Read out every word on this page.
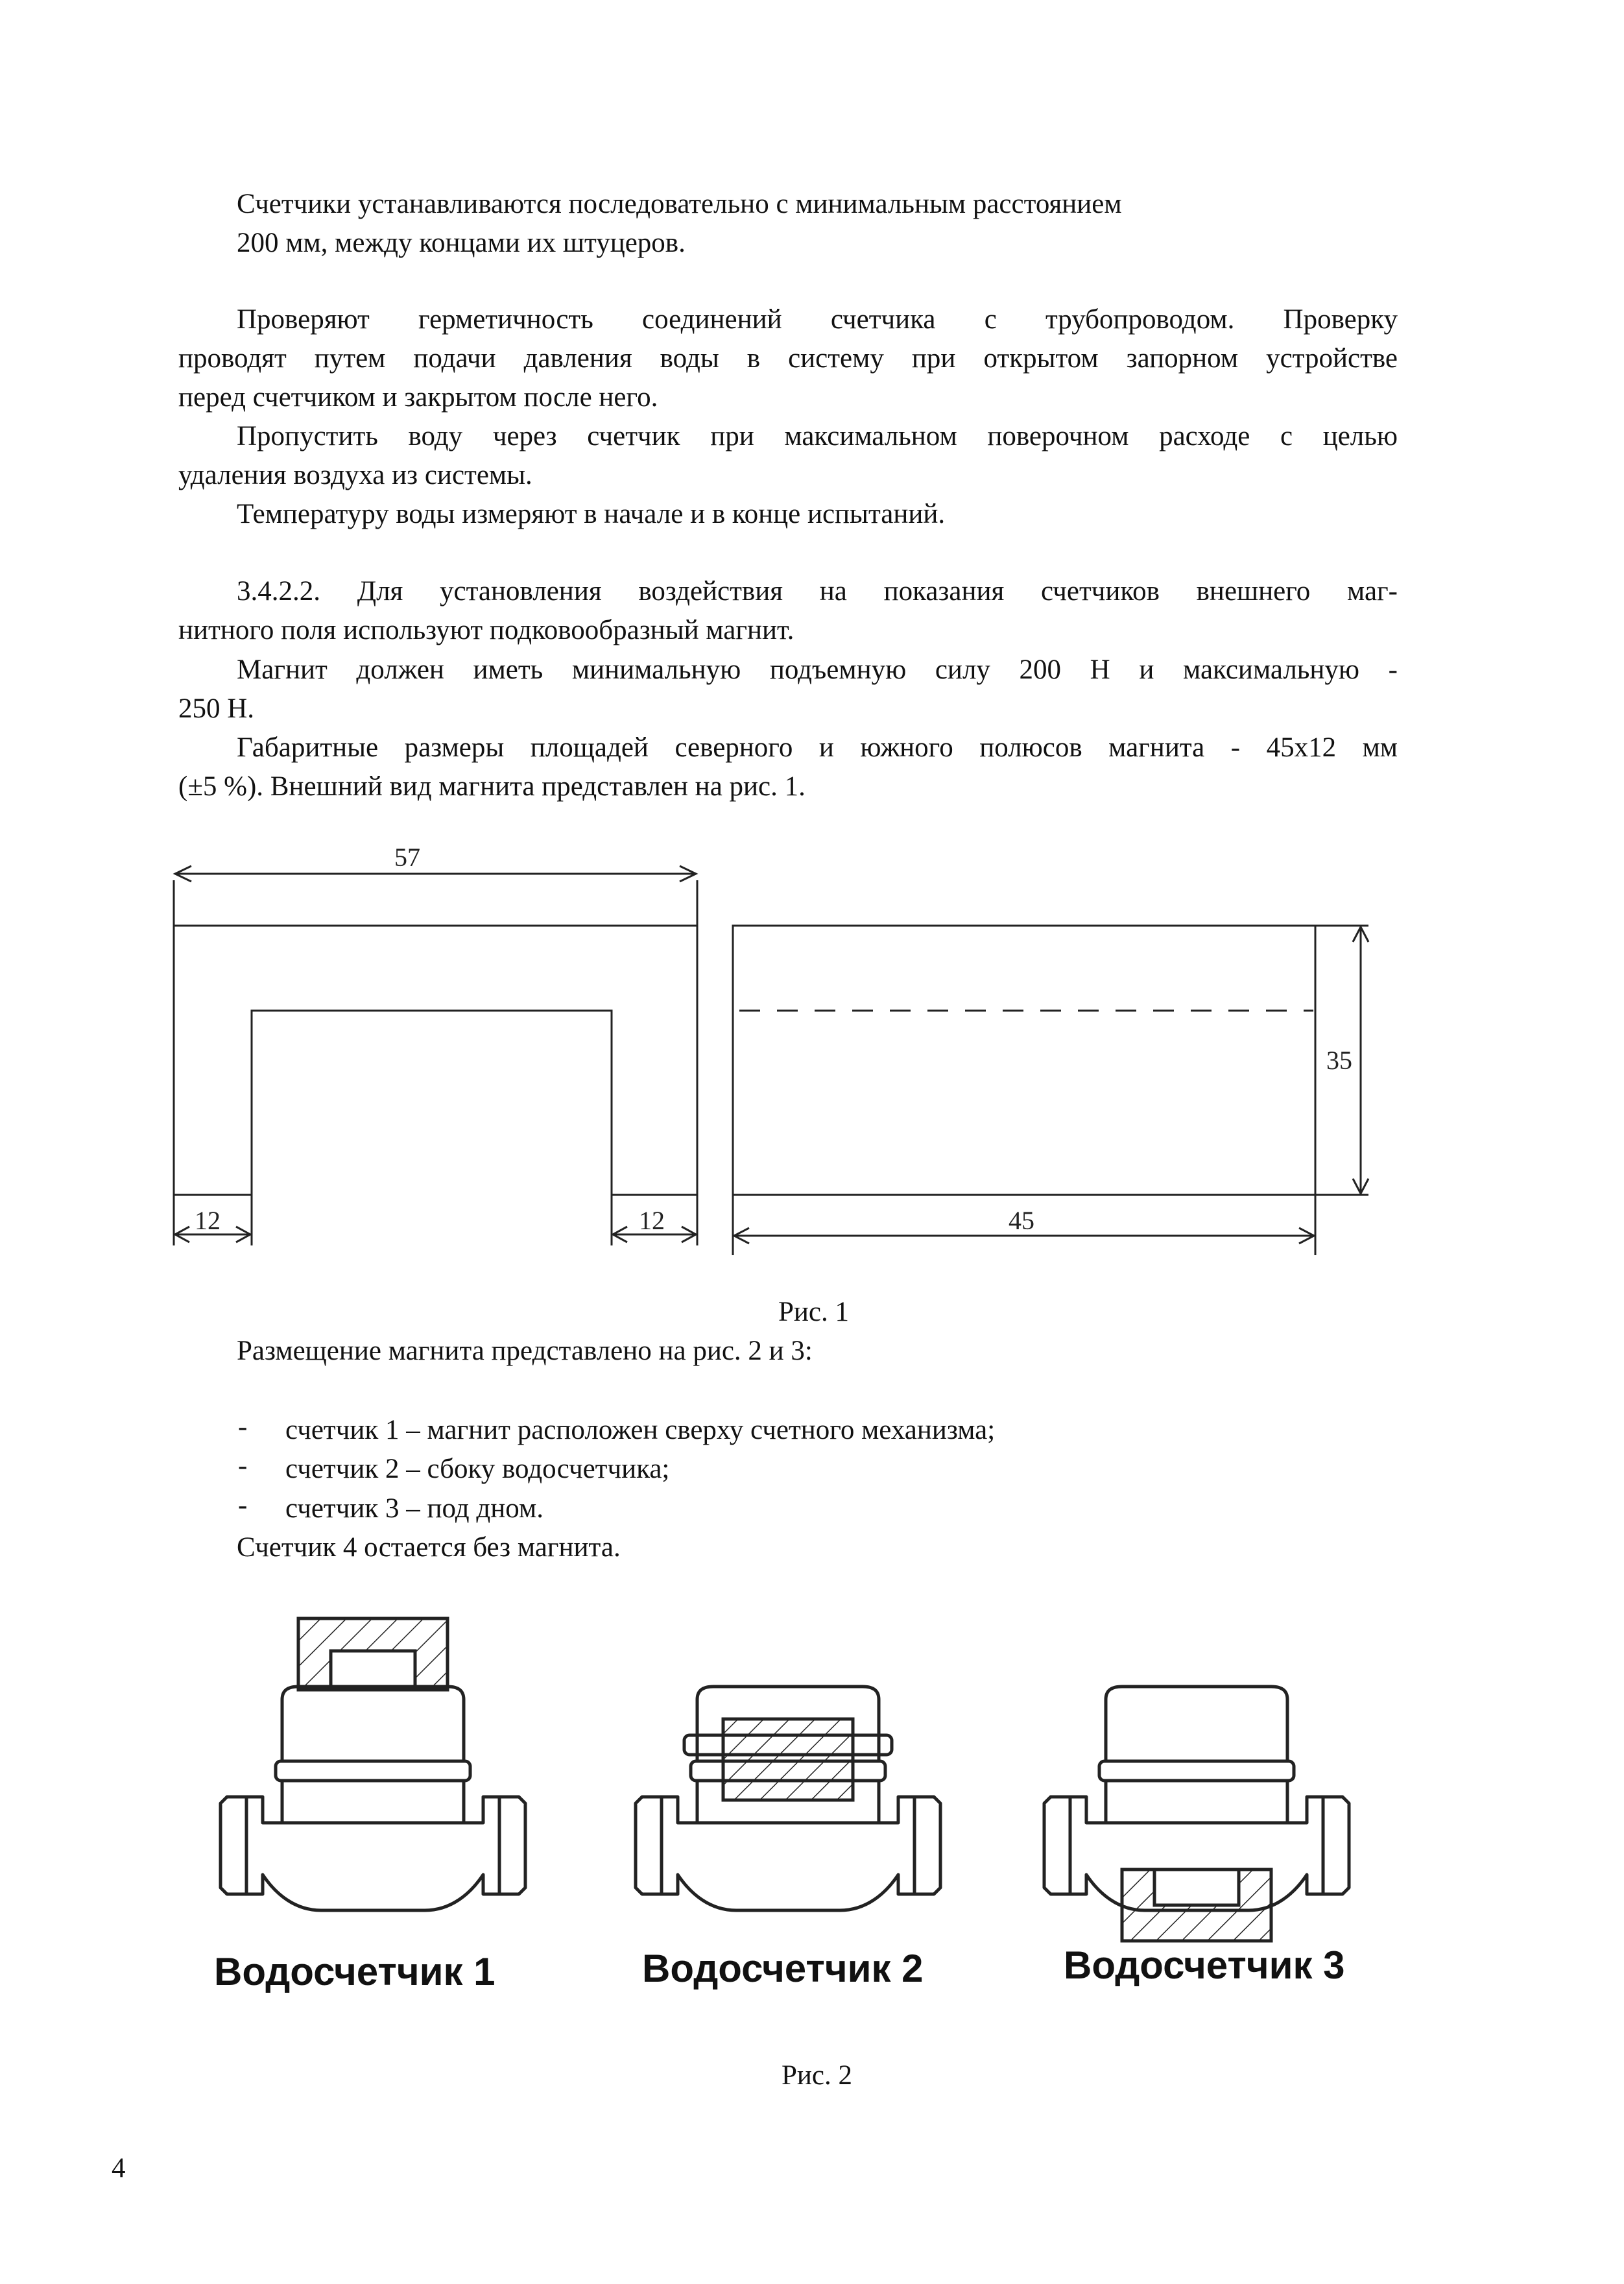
Счетчики устанавливаются последовательно с минимальным расстоянием
200 мм, между концами их штуцеров.
Проверяют герметичность соединений счетчика с трубопроводом. Проверку
проводят путем подачи давления воды в систему при открытом запорном устройстве
перед счетчиком и закрытом после него.
Пропустить воду через счетчик при максимальном поверочном расходе с целью
удаления воздуха из системы.
Температуру воды измеряют в начале и в конце испытаний.
3.4.2.2. Для установления воздействия на показания счетчиков внешнего маг-
нитного поля используют подковообразный магнит.
Магнит должен иметь минимальную подъемную силу 200 Н и максимальную -
250 Н.
Габаритные размеры площадей северного и южного полюсов магнита - 45х12 мм
(±5 %). Внешний вид магнита представлен на рис. 1.
57
12	12	45
35
Рис. 1
Размещение магнита представлено на рис. 2 и 3:
- счетчик 1 – магнит расположен сверху счетного механизма;
- счетчик 2 – сбоку водосчетчика;
- счетчик 3 – под дном.
Счетчик 4 остается без магнита.
Водосчетчик 1	Водосчетчик 2	Водосчетчик 3
Рис. 2
4
